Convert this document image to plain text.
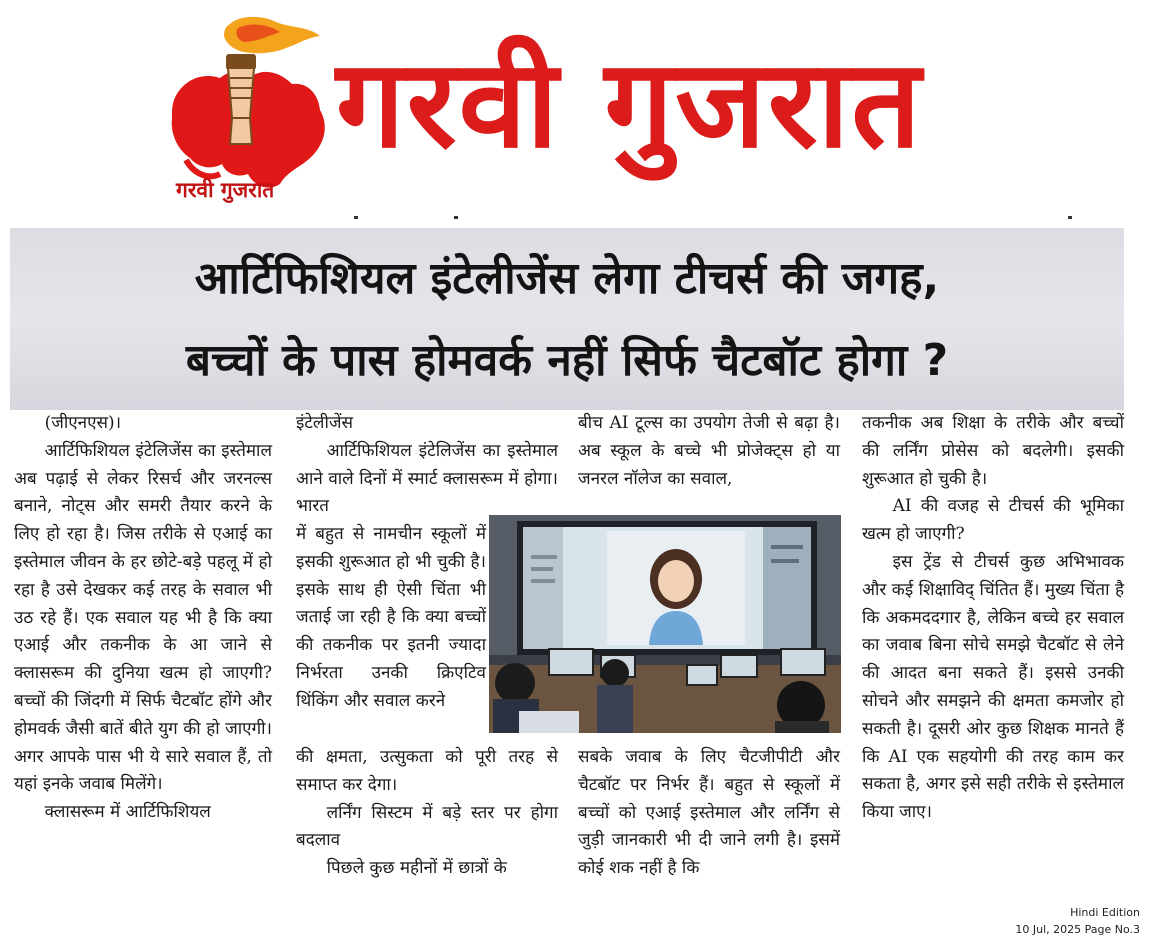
गरवी गुजरात
गरवी गुजरात
आर्टिफिशियल इंटेलीजेंस लेगा टीचर्स की जगह,
बच्चों के पास होमवर्क नहीं सिर्फ चैटबॉट होगा ?

(जीएनएस)।

आर्टिफिशियल इंटेलिजेंस का इस्तेमाल अब पढ़ाई से लेकर रिसर्च और जरनल्स बनाने, नोट्स और समरी तैयार करने के लिए हो रहा है। जिस तरीके से एआई का इस्तेमाल जीवन के हर छोटे-बड़े पहलू में हो रहा है उसे देखकर कई तरह के सवाल भी उठ रहे हैं। एक सवाल यह भी है कि क्या एआई और तकनीक के आ जाने से क्लासरूम की दुनिया खत्म हो जाएगी? बच्चों की जिंदगी में सिर्फ चैटबॉट होंगे और होमवर्क जैसी बातें बीते युग की हो जाएगी। अगर आपके पास भी ये सारे सवाल हैं, तो यहां इनके जवाब मिलेंगे।

क्लासरूम में आर्टिफिशियल

इंटेलीजेंस

आर्टिफिशियल इंटेलिजेंस का इस्तेमाल आने वाले दिनों में स्मार्ट क्लासरूम में होगा। भारत

में बहुत से नामचीन स्कूलों में इसकी शुरूआत हो भी चुकी है। इसके साथ ही ऐसी चिंता भी जताई जा रही है कि क्या बच्चों की तकनीक पर इतनी ज्यादा निर्भरता उनकी क्रिएटिव थिंकिंग और सवाल करने

की क्षमता, उत्सुकता को पूरी तरह से समाप्त कर देगा।

लर्निंग सिस्टम में बड़े स्तर पर होगा बदलाव

पिछले कुछ महीनों में छात्रों के

बीच AI टूल्स का उपयोग तेजी से बढ़ा है। अब स्कूल के बच्चे भी प्रोजेक्ट्स हो या जनरल नॉलेज का सवाल,

सबके जवाब के लिए चैटजीपीटी और चैटबॉट पर निर्भर हैं। बहुत से स्कूलों में बच्चों को एआई इस्तेमाल और लर्निंग से जुड़ी जानकारी भी दी जाने लगी है। इसमें कोई शक नहीं है कि

तकनीक अब शिक्षा के तरीके और बच्चों की लर्निंग प्रोसेस को बदलेगी। इसकी शुरूआत हो चुकी है।

AI की वजह से टीचर्स की भूमिका खत्म हो जाएगी?

इस ट्रेंड से टीचर्स कुछ अभिभावक और कई शिक्षाविद् चिंतित हैं। मुख्य चिंता है कि अकमददगार है, लेकिन बच्चे हर सवाल का जवाब बिना सोचे समझे चैटबॉट से लेने की आदत बना सकते हैं। इससे उनकी सोचने और समझने की क्षमता कमजोर हो सकती है। दूसरी ओर कुछ शिक्षक मानते हैं कि AI एक सहयोगी की तरह काम कर सकता है, अगर इसे सही तरीके से इस्तेमाल किया जाए।

Hindi Edition
10 Jul, 2025 Page No.3
